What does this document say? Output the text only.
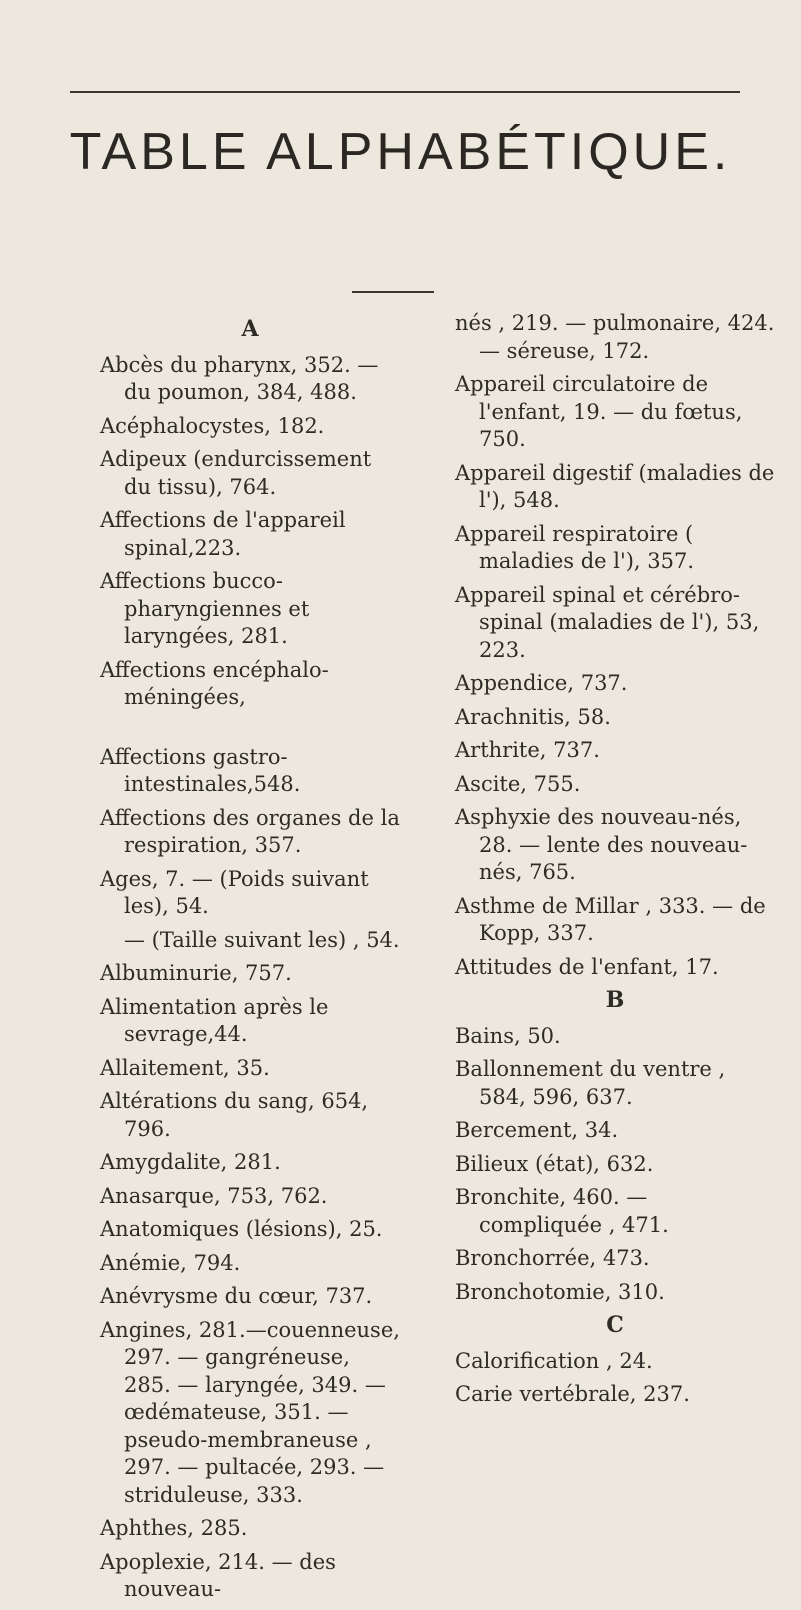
TABLE ALPHABÉTIQUE.
A

Abcès du pharynx, 352. — du poumon, 384, 488.

Acéphalocystes, 182.

Adipeux (endurcissement du tissu), 764.

Affections de l'appareil spinal,223.

Affections bucco-pharyngiennes et laryngées, 281.

Affections encéphalo-méningées,

Affections gastro-intestinales,548.

Affections des organes de la respiration, 357.

Ages, 7. — (Poids suivant les), 54.

— (Taille suivant les) , 54.

Albuminurie, 757.

Alimentation après le sevrage,44.

Allaitement, 35.

Altérations du sang, 654, 796.

Amygdalite, 281.

Anasarque, 753, 762.

Anatomiques (lésions), 25.

Anémie, 794.

Anévrysme du cœur, 737.

Angines, 281.—couenneuse, 297. — gangréneuse, 285. — laryngée, 349. — œdémateuse, 351. — pseudo-membraneuse , 297. — pultacée, 293. — striduleuse, 333.

Aphthes, 285.

Apoplexie, 214. — des nouveau-

nés , 219. — pulmonaire, 424. — séreuse, 172.

Appareil circulatoire de l'enfant, 19. — du fœtus, 750.

Appareil digestif (maladies de l'), 548.

Appareil respiratoire ( maladies de l'), 357.

Appareil spinal et cérébro-spinal (maladies de l'), 53, 223.

Appendice, 737.

Arachnitis, 58.

Arthrite, 737.

Ascite, 755.

Asphyxie des nouveau-nés, 28. — lente des nouveau-nés, 765.

Asthme de Millar , 333. — de Kopp, 337.

Attitudes de l'enfant, 17.

B

Bains, 50.

Ballonnement du ventre , 584, 596, 637.

Bercement, 34.

Bilieux (état), 632.

Bronchite, 460. — compliquée , 471.

Bronchorrée, 473.

Bronchotomie, 310.

C

Calorification , 24.

Carie vertébrale, 237.
